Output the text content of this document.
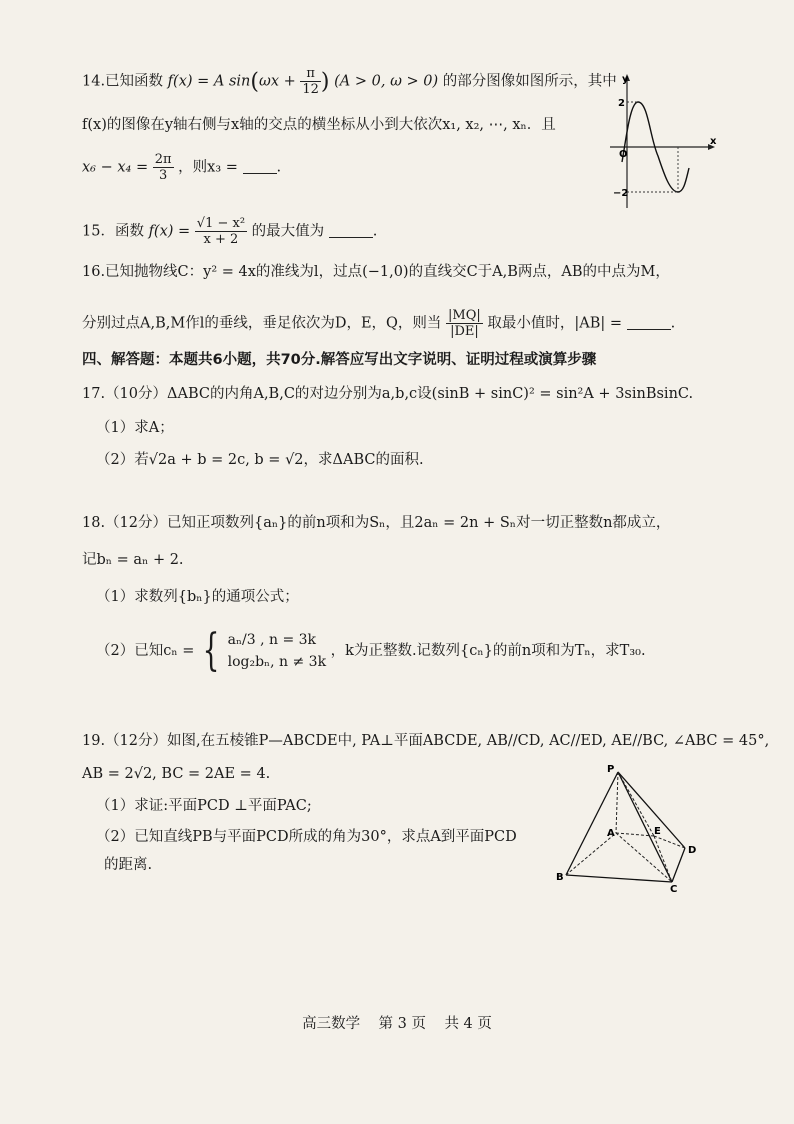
14.已知函数 f(x) = A $\sin(\omega x + \frac{\pi}{12}$ ) (A > 0, ω > 0) 的部分图像如图所示，其中
f(x)的图像在y轴右侧与x轴的交点的横坐标从小到大依次x₁, x₂, ⋯, xₙ．且
$x_6 - x_4 = \frac{2\pi}{3}$ ，则x₃ =	.
y
x
O
2
−2
15．函数 $f(x) = \frac{\text{√1 − x²}}{x + 2}$ 的最大值为	.
16.已知抛物线C：y² = 4x的准线为l，过点(−1,0)的直线交C于A,B两点，AB的中点为M，
分别过点A,B,M作l的垂线，垂足依次为D，E，Q，则当 $\frac{|MQ|}{|DE|}$ 取最小值时，|AB| =	.
四、解答题：本题共6小题，共70分.解答应写出文字说明、证明过程或演算步骤
17.（10分）ΔABC的内角A,B,C的对边分别为a,b,c设(sinB + sinC)² = sin²A + 3sinBsinC.
（1）求A；
（2）若√2a + b = 2c, b = √2，求ΔABC的面积.
18.（12分）已知正项数列{aₙ}的前n项和为Sₙ，且2aₙ = 2n + Sₙ对一切正整数n都成立，
记bₙ = aₙ + 2.
（1）求数列{bₙ}的通项公式；
（2）已知cₙ = { aₙ/3 , n = 3k
log₂bₙ, n ≠ 3k
，k为正整数.记数列{cₙ}的前n项和为Tₙ，求T₃₀.
19.（12分）如图,在五棱锥P—ABCDE中, PA⊥平面ABCDE, AB//CD, AC//ED, AE//BC, ∠ABC = 45°,
AB = 2√2, BC = 2AE = 4.
（1）求证:平面PCD ⊥平面PAC;
（2）已知直线PB与平面PCD所成的角为30°，求点A到平面PCD
的距离.
P
A	E
D
B
C
高三数学 第 3 页 共 4 页
